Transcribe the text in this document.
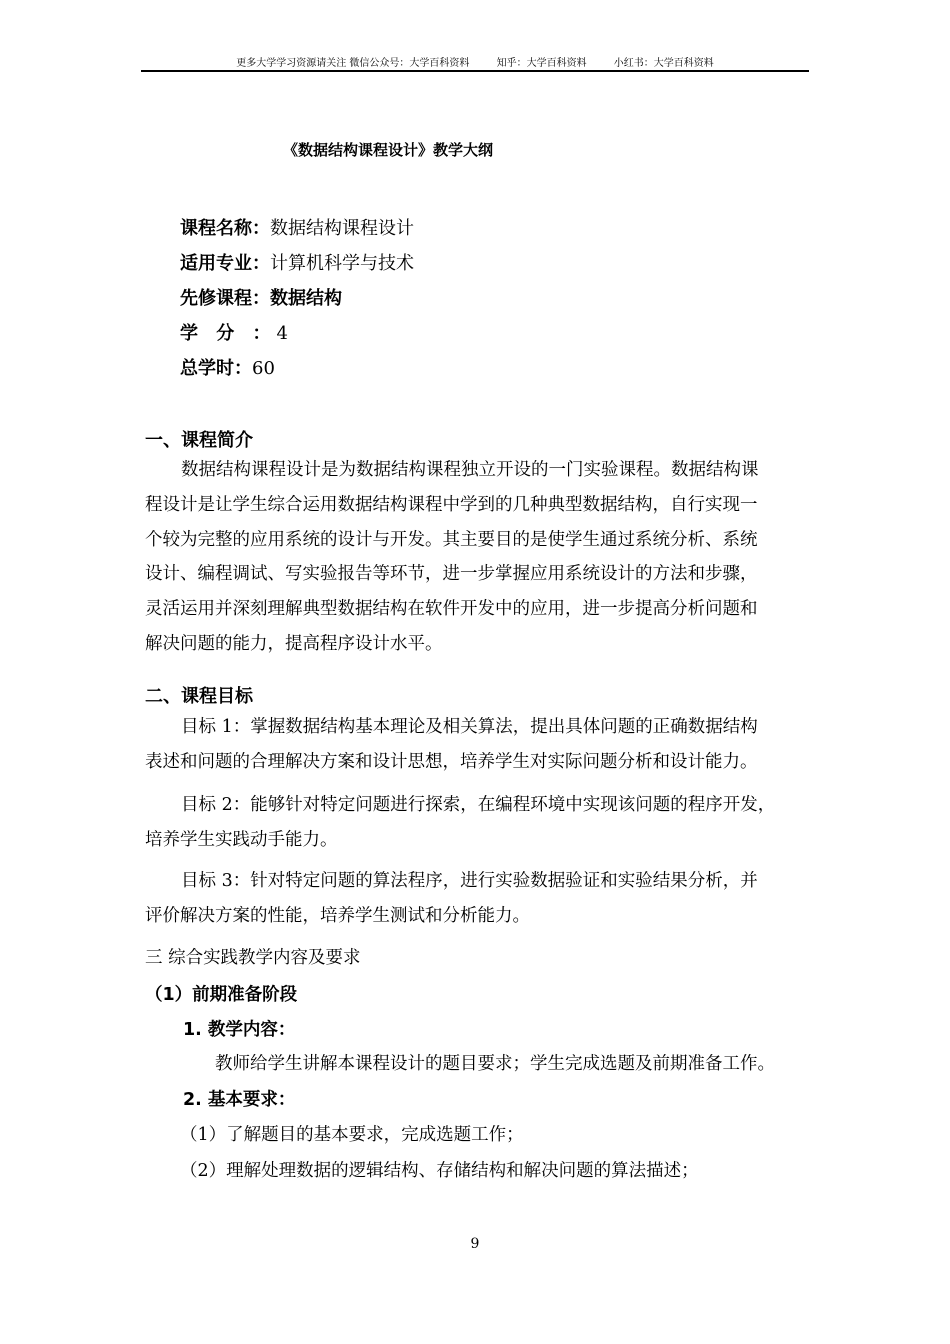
更多大学学习资源请关注 微信公众号：大学百科资料	知乎：大学百科资料	小红书：大学百科资料
《数据结构课程设计》教学大纲
课程名称：数据结构课程设计
适用专业：计算机科学与技术
先修课程：数据结构
学 分 ：4
总学时：60
一、课程简介
数据结构课程设计是为数据结构课程独立开设的一门实验课程。数据结构课
程设计是让学生综合运用数据结构课程中学到的几种典型数据结构，自行实现一
个较为完整的应用系统的设计与开发。其主要目的是使学生通过系统分析、系统
设计、编程调试、写实验报告等环节，进一步掌握应用系统设计的方法和步骤，
灵活运用并深刻理解典型数据结构在软件开发中的应用，进一步提高分析问题和
解决问题的能力，提高程序设计水平。
二、课程目标
目标 1：掌握数据结构基本理论及相关算法，提出具体问题的正确数据结构
表述和问题的合理解决方案和设计思想，培养学生对实际问题分析和设计能力。
目标 2：能够针对特定问题进行探索，在编程环境中实现该问题的程序开发，
培养学生实践动手能力。
目标 3：针对特定问题的算法程序，进行实验数据验证和实验结果分析，并
评价解决方案的性能，培养学生测试和分析能力。
三 综合实践教学内容及要求
（1）前期准备阶段
1. 教学内容：
教师给学生讲解本课程设计的题目要求；学生完成选题及前期准备工作。
2. 基本要求：
（1）了解题目的基本要求，完成选题工作；
（2）理解处理数据的逻辑结构、存储结构和解决问题的算法描述；
9
